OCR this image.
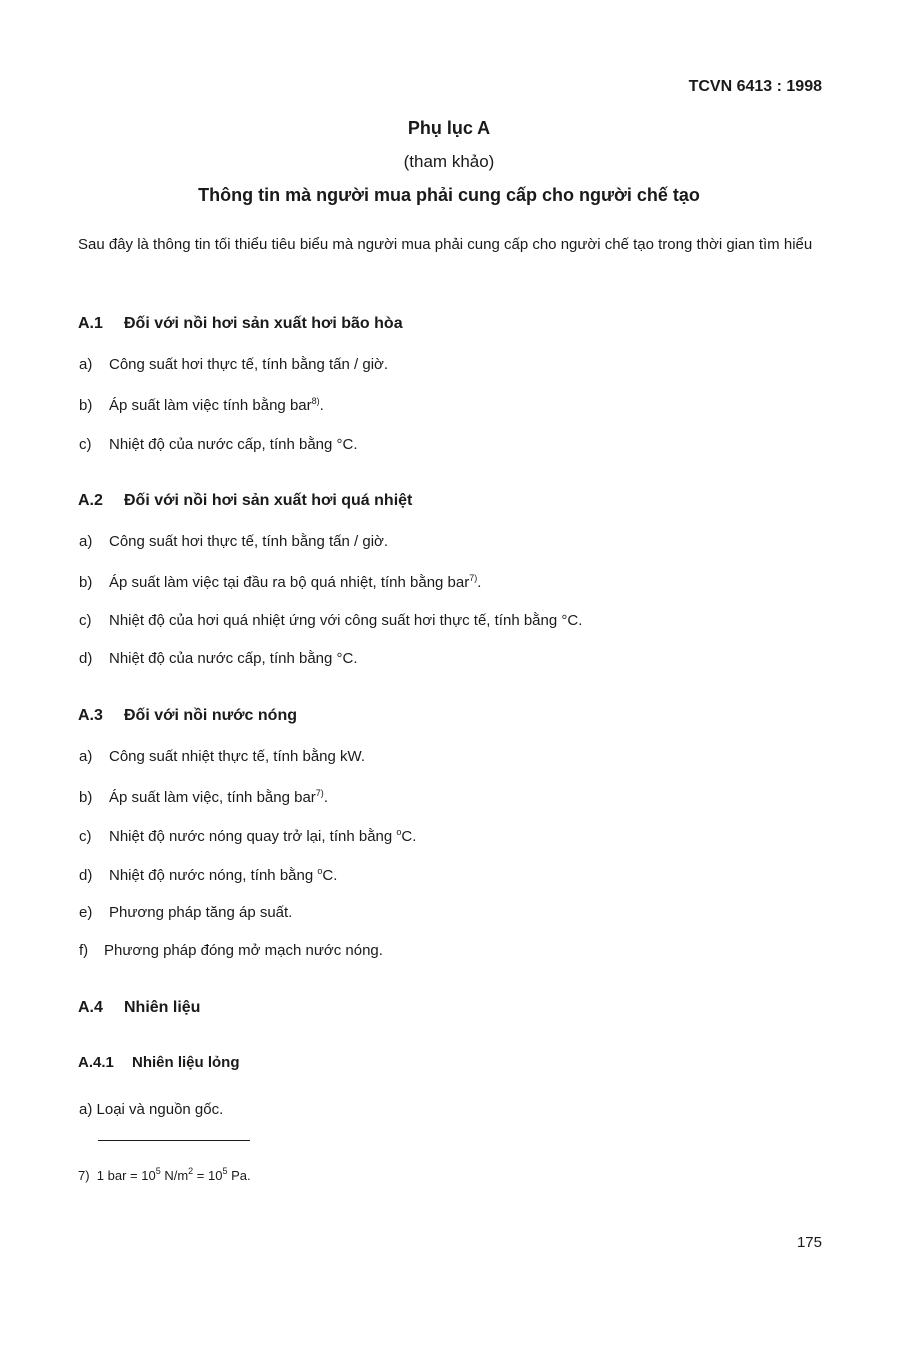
TCVN 6413 : 1998
Phụ lục A
(tham khảo)
Thông tin mà người mua phải cung cấp cho người chế tạo
Sau đây là thông tin tối thiểu tiêu biểu mà người mua phải cung cấp cho người chế tạo trong thời gian tìm hiểu
A.1 Đối với nồi hơi sản xuất hơi bão hòa
a) Công suất hơi thực tế, tính bằng tấn / giờ.
b) Áp suất làm việc tính bằng bar$^{8)}$.
c) Nhiệt độ của nước cấp, tính bằng °C.
A.2 Đối với nồi hơi sản xuất hơi quá nhiệt
a) Công suất hơi thực tế, tính bằng tấn / giờ.
b) Áp suất làm việc tại đầu ra bộ quá nhiệt, tính bằng bar$^{7)}$.
c) Nhiệt độ của hơi quá nhiệt ứng với công suất hơi thực tế, tính bằng °C.
d) Nhiệt độ của nước cấp, tính bằng °C.
A.3 Đối với nồi nước nóng
a) Công suất nhiệt thực tế, tính bằng kW.
b) Áp suất làm việc, tính bằng bar$^{7)}$.
c) Nhiệt độ nước nóng quay trở lại, tính bằng $^o$C.
d) Nhiệt độ nước nóng, tính bằng $^o$C.
e) Phương pháp tăng áp suất.
f) Phương pháp đóng mở mạch nước nóng.
A.4 Nhiên liệu
A.4.1 Nhiên liệu lỏng
a) Loại và nguồn gốc.
7) 1 bar = $10^5$ $N/m^2 = 10^5$ Pa.
175
